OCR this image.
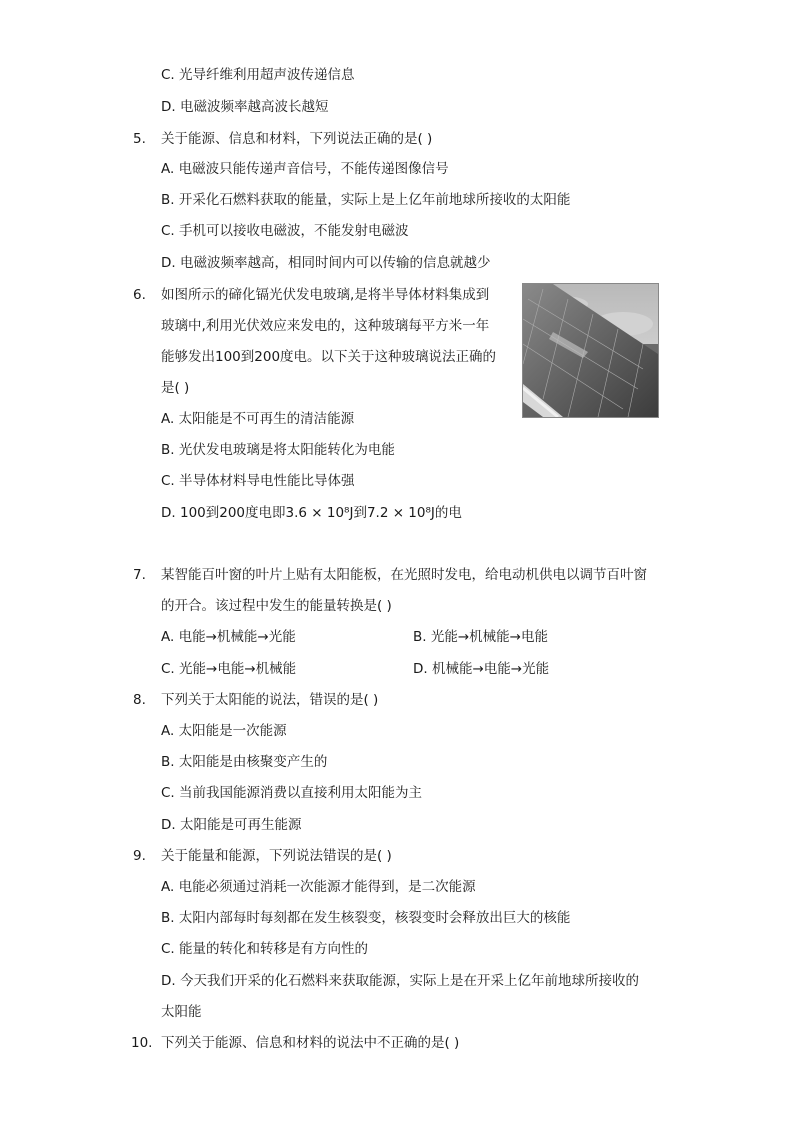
C. 光导纤维利用超声波传递信息
D. 电磁波频率越高波长越短
5. 关于能源、信息和材料，下列说法正确的是( )
A. 电磁波只能传递声音信号，不能传递图像信号
B. 开采化石燃料获取的能量，实际上是上亿年前地球所接收的太阳能
C. 手机可以接收电磁波，不能发射电磁波
D. 电磁波频率越高，相同时间内可以传输的信息就越少
6. 如图所示的碲化镉光伏发电玻璃,是将半导体材料集成到
玻璃中,利用光伏效应来发电的，这种玻璃每平方米一年
能够发出100到200度电。以下关于这种玻璃说法正确的
是( )
A. 太阳能是不可再生的清洁能源
B. 光伏发电玻璃是将太阳能转化为电能
C. 半导体材料导电性能比导体强
D. 100到200度电即3.6 × 10⁸J到7.2 × 10⁸J的电
7. 某智能百叶窗的叶片上贴有太阳能板，在光照时发电，给电动机供电以调节百叶窗
的开合。该过程中发生的能量转换是( )
A. 电能→机械能→光能	B. 光能→机械能→电能
C. 光能→电能→机械能	D. 机械能→电能→光能
8. 下列关于太阳能的说法，错误的是( )
A. 太阳能是一次能源
B. 太阳能是由核聚变产生的
C. 当前我国能源消费以直接利用太阳能为主
D. 太阳能是可再生能源
9. 关于能量和能源，下列说法错误的是( )
A. 电能必须通过消耗一次能源才能得到，是二次能源
B. 太阳内部每时每刻都在发生核裂变，核裂变时会释放出巨大的核能
C. 能量的转化和转移是有方向性的
D. 今天我们开采的化石燃料来获取能源，实际上是在开采上亿年前地球所接收的
太阳能
10. 下列关于能源、信息和材料的说法中不正确的是( )
